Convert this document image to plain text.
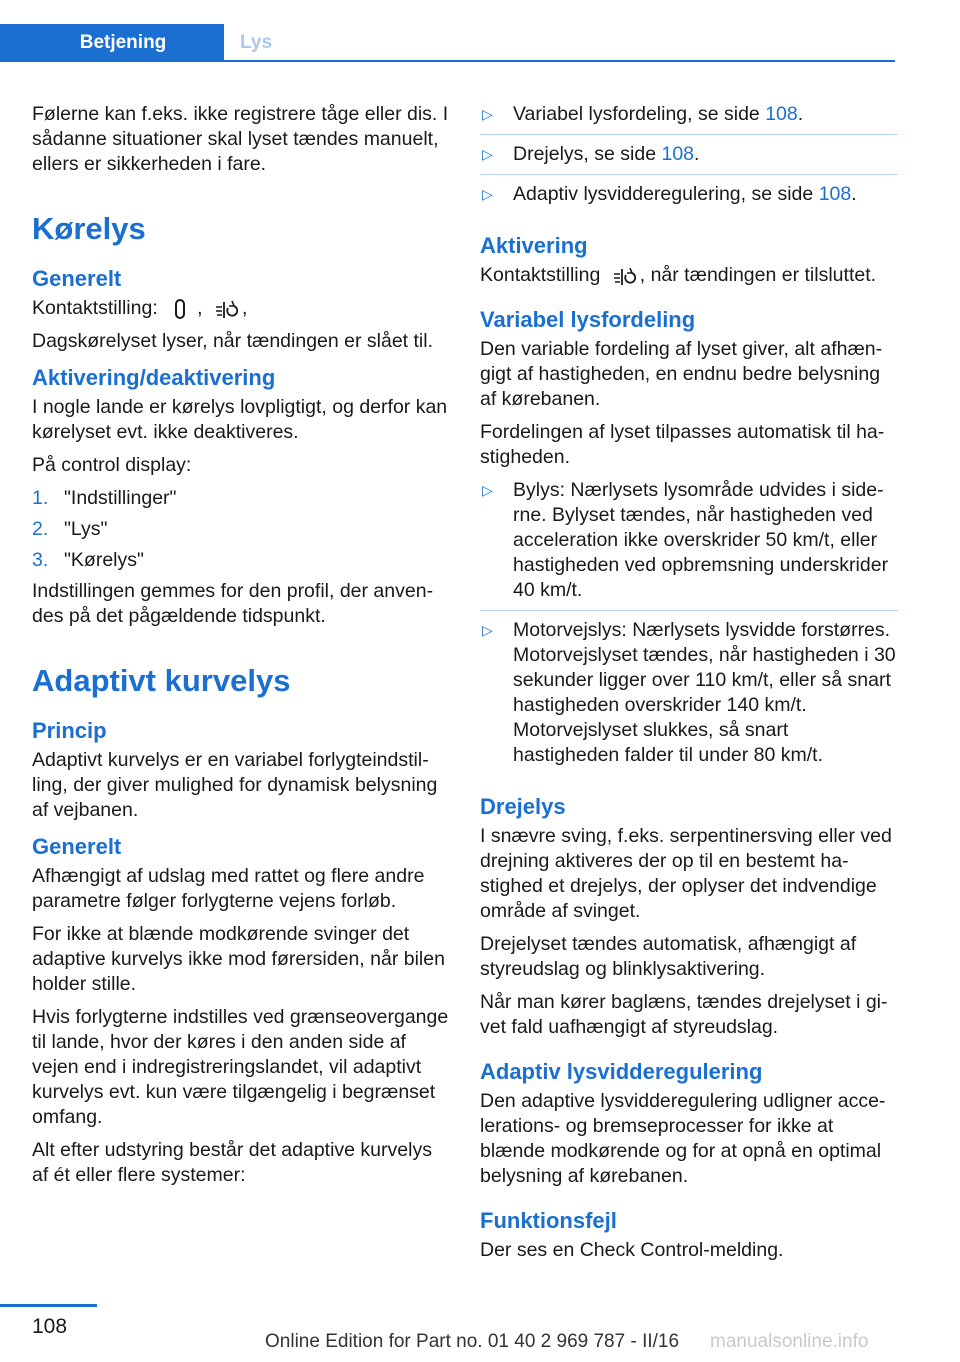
Betjening	Lys

Følerne kan f.eks. ikke registrere tåge eller dis. I sådanne situationer skal lyset tændes manuelt, ellers er sikkerheden i fare.

Kørelys
Generelt

Kontaktstilling: , ,

Dagskørelyset lyser, når tændingen er slået til.

Aktivering/deaktivering

I nogle lande er kørelys lovpligtigt, og derfor kan kørelyset evt. ikke deaktiveres.

På control display:

1. "Indstillinger"
2. "Lys"
3. "Kørelys"

Indstillingen gemmes for den profil, der anvendes på det pågældende tidspunkt.

Adaptivt kurvelys
Princip

Adaptivt kurvelys er en variabel forlygteindstilling, der giver mulighed for dynamisk belysning af vejbanen.

Generelt

Afhængigt af udslag med rattet og flere andre parametre følger forlygterne vejens forløb.

For ikke at blænde modkørende svinger det adaptive kurvelys ikke mod førersiden, når bilen holder stille.

Hvis forlygterne indstilles ved grænseovergange til lande, hvor der køres i den anden side af vejen end i indregistreringslandet, vil adaptivt kurvelys evt. kun være tilgængelig i begrænset omfang.

Alt efter udstyring består det adaptive kurvelys af ét eller flere systemer:

▷	Variabel lysfordeling, se side 108.
▷	Drejelys, se side 108.
▷	Adaptiv lysvidderegulering, se side 108.
Aktivering

Kontaktstilling , når tændingen er tilsluttet.

Variabel lysfordeling

Den variable fordeling af lyset giver, alt afhængigt af hastigheden, en endnu bedre belysning af kørebanen.

Fordelingen af lyset tilpasses automatisk til hastigheden.

▷	Bylys: Nærlysets lysområde udvides i siderne. Bylyset tændes, når hastigheden ved acceleration ikke overskrider 50 km/t, eller hastigheden ved opbremsning underskrider 40 km/t.
▷	Motorvejslys: Nærlysets lysvidde forstørres. Motorvejslyset tændes, når hastigheden i 30 sekunder ligger over 110 km/t, eller så snart hastigheden overskrider 140 km/t. Motorvejslyset slukkes, så snart hastigheden falder til under 80 km/t.
Drejelys

I snævre sving, f.eks. serpentinersving eller ved drejning aktiveres der op til en bestemt hastighed et drejelys, der oplyser det indvendige område af svinget.

Drejelyset tændes automatisk, afhængigt af styreudslag og blinklysaktivering.

Når man kører baglæns, tændes drejelyset i givet fald uafhængigt af styreudslag.

Adaptiv lysvidderegulering

Den adaptive lysvidderegulering udligner accelerations- og bremseprocesser for ikke at blænde modkørende og for at opnå en optimal belysning af kørebanen.

Funktionsfejl

Der ses en Check Control-melding.

108
Online Edition for Part no. 01 40 2 969 787 - II/16 manualsonline.info
